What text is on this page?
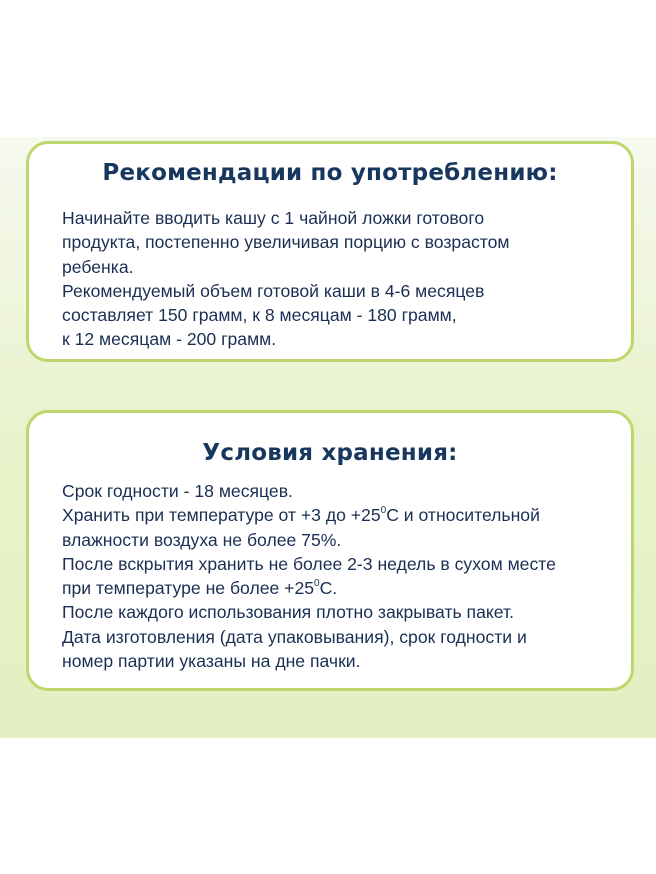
Рекомендации по употреблению:
Начинайте вводить кашу с 1 чайной ложки готового
продукта, постепенно увеличивая порцию с возрастом
ребенка.
Рекомендуемый объем готовой каши в 4-6 месяцев
составляет 150 грамм, к 8 месяцам - 180 грамм,
к 12 месяцам - 200 грамм.
Условия хранения:
Срок годности - 18 месяцев.
Хранить при температуре от +3 до $+25^0С$ и относительной
влажности воздуха не более 75%.
После вскрытия хранить не более 2-3 недель в сухом месте
при температуре не более $+25^0С$.
После каждого использования плотно закрывать пакет.
Дата изготовления (дата упаковывания), срок годности и
номер партии указаны на дне пачки.
